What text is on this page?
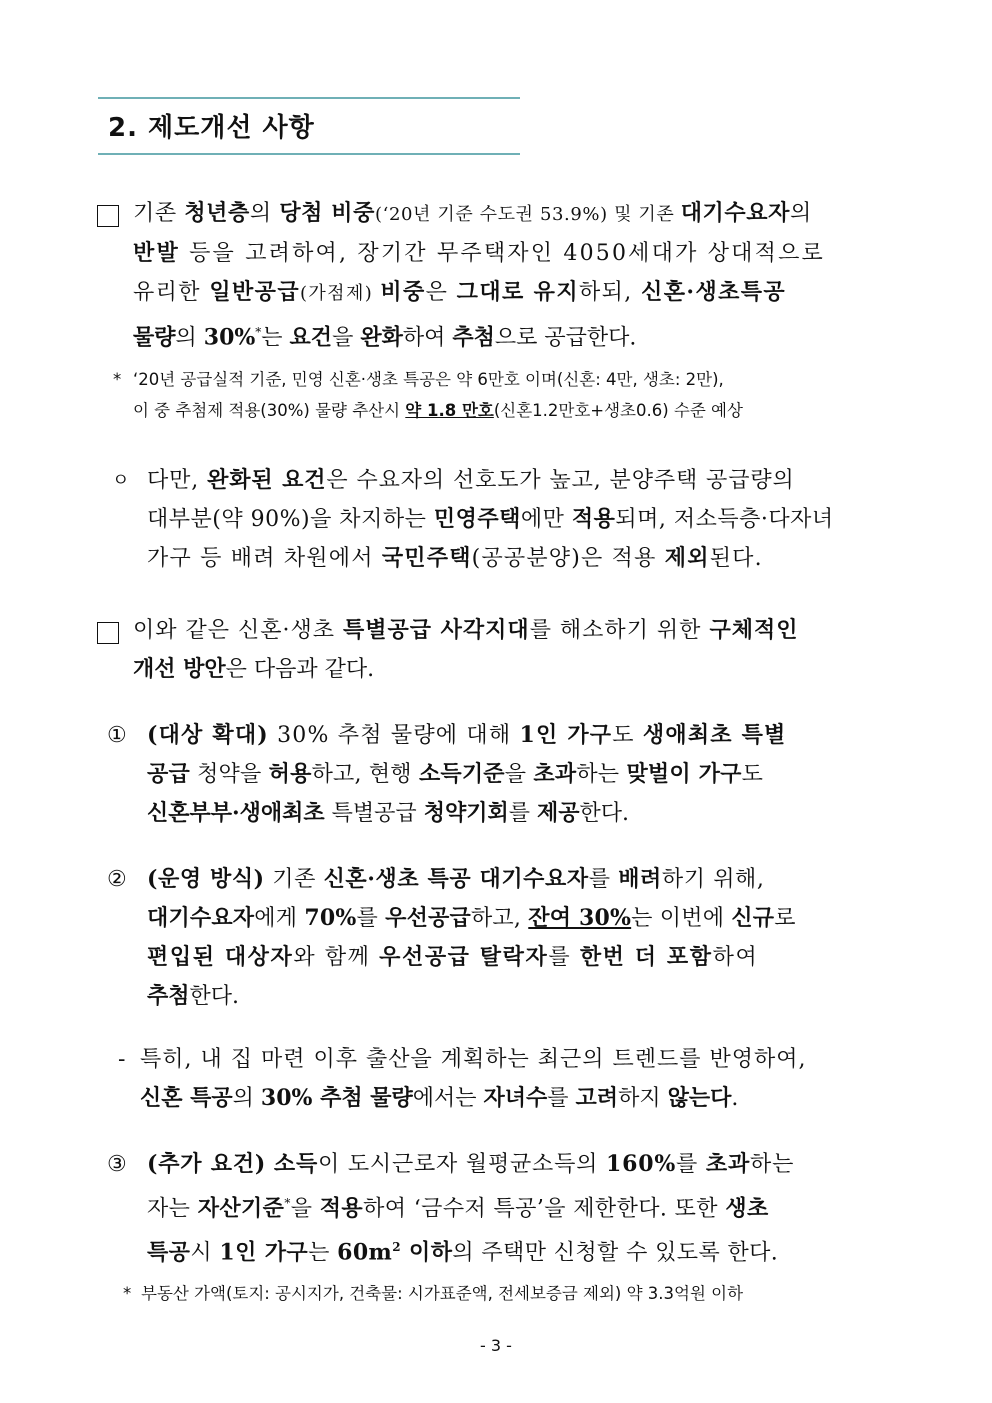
2. 제도개선 사항
기존 청년층의 당첨 비중(‘20년 기준 수도권 53.9%) 및 기존 대기수요자의
반발 등을 고려하여, 장기간 무주택자인 4050세대가 상대적으로
유리한 일반공급(가점제) 비중은 그대로 유지하되, 신혼·생초특공
물량의 30%*는 요건을 완화하여 추첨으로 공급한다.
* ‘20년 공급실적 기준, 민영 신혼·생초 특공은 약 6만호 이며(신혼: 4만, 생초: 2만),
이 중 추첨제 적용(30%) 물량 추산시 약 1.8 만호(신혼1.2만호+생초0.6) 수준 예상
ㅇ 다만, 완화된 요건은 수요자의 선호도가 높고, 분양주택 공급량의
대부분(약 90%)을 차지하는 민영주택에만 적용되며, 저소득층·다자녀
가구 등 배려 차원에서 국민주택(공공분양)은 적용 제외된다.
이와 같은 신혼·생초 특별공급 사각지대를 해소하기 위한 구체적인
개선 방안은 다음과 같다.
① (대상 확대) 30% 추첨 물량에 대해 1인 가구도 생애최초 특별
공급 청약을 허용하고, 현행 소득기준을 초과하는 맞벌이 가구도
신혼부부·생애최초 특별공급 청약기회를 제공한다.
② (운영 방식) 기존 신혼·생초 특공 대기수요자를 배려하기 위해,
대기수요자에게 70%를 우선공급하고, 잔여 30%는 이번에 신규로
편입된 대상자와 함께 우선공급 탈락자를 한번 더 포함하여
추첨한다.
- 특히, 내 집 마련 이후 출산을 계획하는 최근의 트렌드를 반영하여,
신혼 특공의 30% 추첨 물량에서는 자녀수를 고려하지 않는다.
③ (추가 요건) 소득이 도시근로자 월평균소득의 160%를 초과하는
자는 자산기준*을 적용하여 ‘금수저 특공’을 제한한다. 또한 생초
특공시 1인 가구는 $60m^2$ 이하의 주택만 신청할 수 있도록 한다.
* 부동산 가액(토지: 공시지가, 건축물: 시가표준액, 전세보증금 제외) 약 3.3억원 이하
- 3 -
